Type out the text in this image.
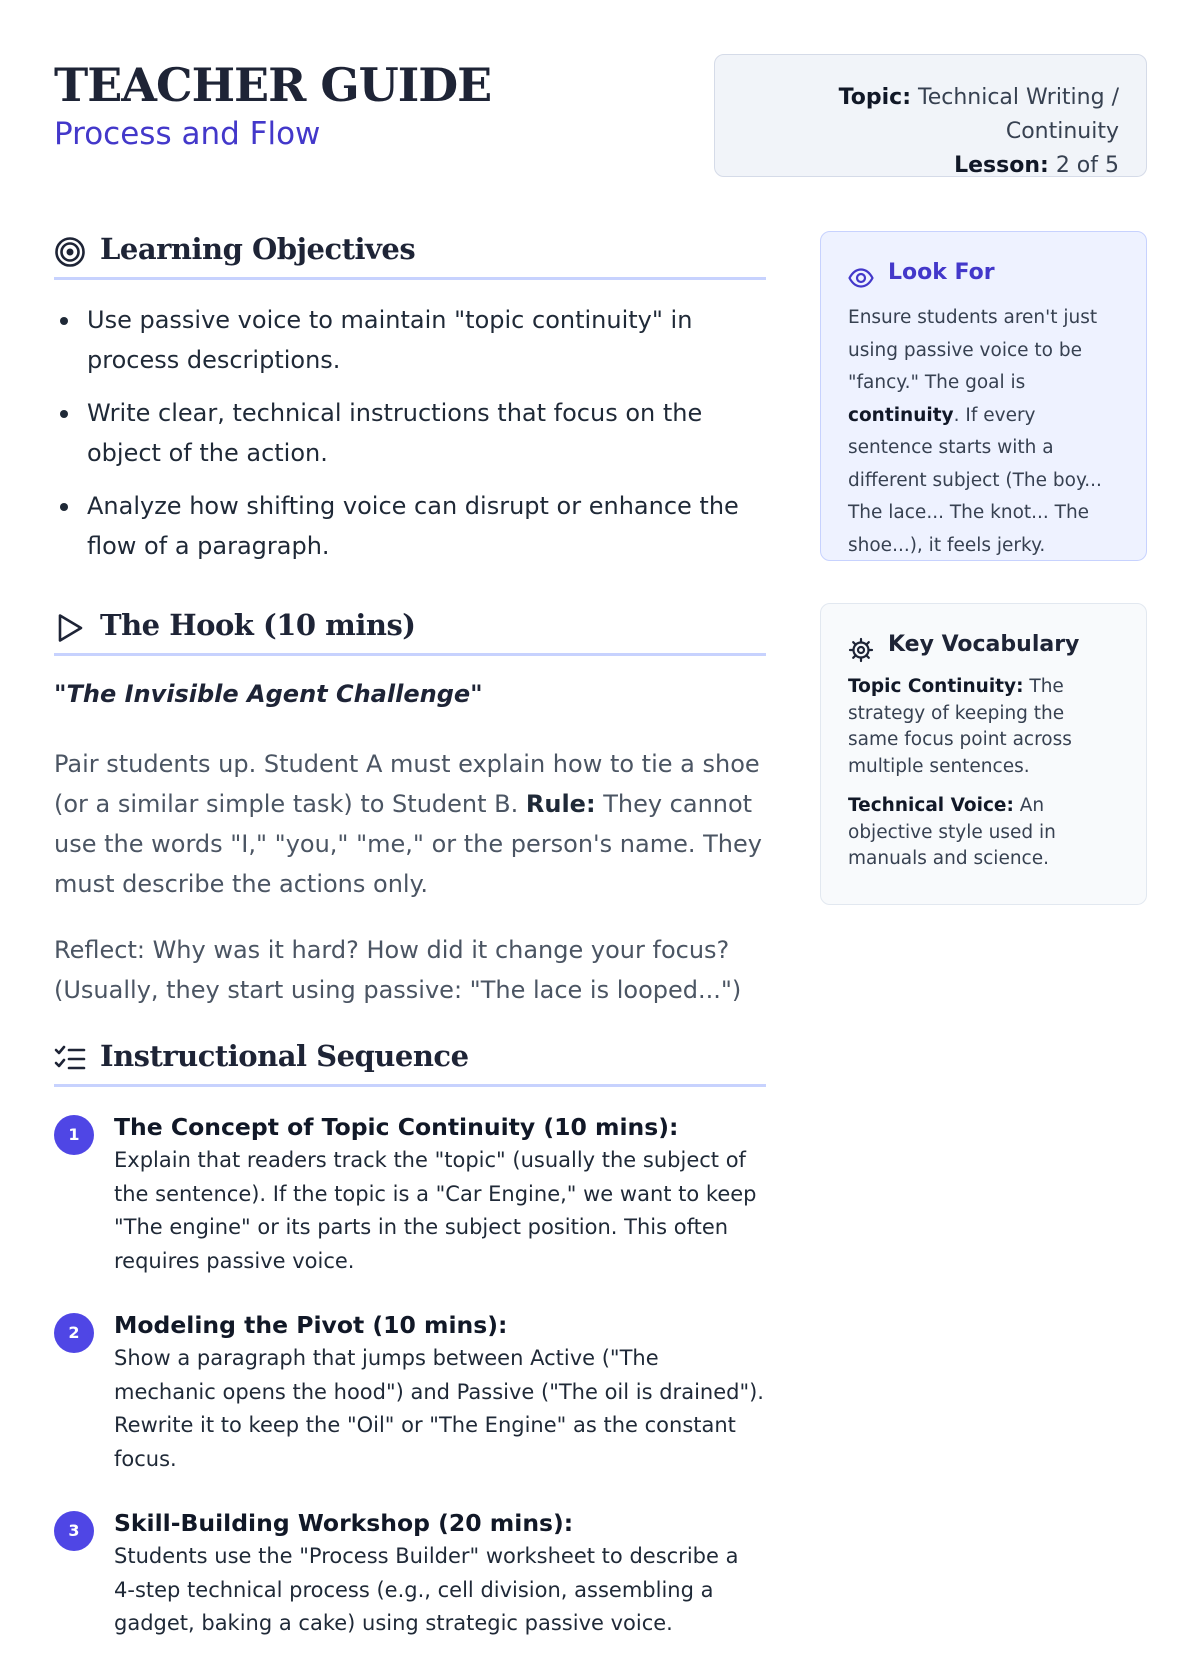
TEACHER GUIDE
Process and Flow
Topic: Technical Writing / Continuity
Lesson: 2 of 5
Learning Objectives
Use passive voice to maintain "topic continuity" in process descriptions.
Write clear, technical instructions that focus on the object of the action.
Analyze how shifting voice can disrupt or enhance the flow of a paragraph.
The Hook (10 mins)
"The Invisible Agent Challenge"

Pair students up. Student A must explain how to tie a shoe (or a similar simple task) to Student B. Rule: They cannot use the words "I," "you," "me," or the person's name. They must describe the actions only.

Reflect: Why was it hard? How did it change your focus? (Usually, they start using passive: "The lace is looped...")

Instructional Sequence
1	The Concept of Topic Continuity (10 mins):
Explain that readers track the "topic" (usually the subject of the sentence). If the topic is a "Car Engine," we want to keep "The engine" or its parts in the subject position. This often requires passive voice.
2	Modeling the Pivot (10 mins):
Show a paragraph that jumps between Active ("The mechanic opens the hood") and Passive ("The oil is drained"). Rewrite it to keep the "Oil" or "The Engine" as the constant focus.
3	Skill-Building Workshop (20 mins):
Students use the "Process Builder" worksheet to describe a 4-step technical process (e.g., cell division, assembling a gadget, baking a cake) using strategic passive voice.
Look For

Ensure students aren't just using passive voice to be "fancy." The goal is continuity. If every sentence starts with a different subject (The boy... The lace... The knot... The shoe...), it feels jerky.

Key Vocabulary

Topic Continuity: The strategy of keeping the same focus point across multiple sentences.

Technical Voice: An objective style used in manuals and science.
